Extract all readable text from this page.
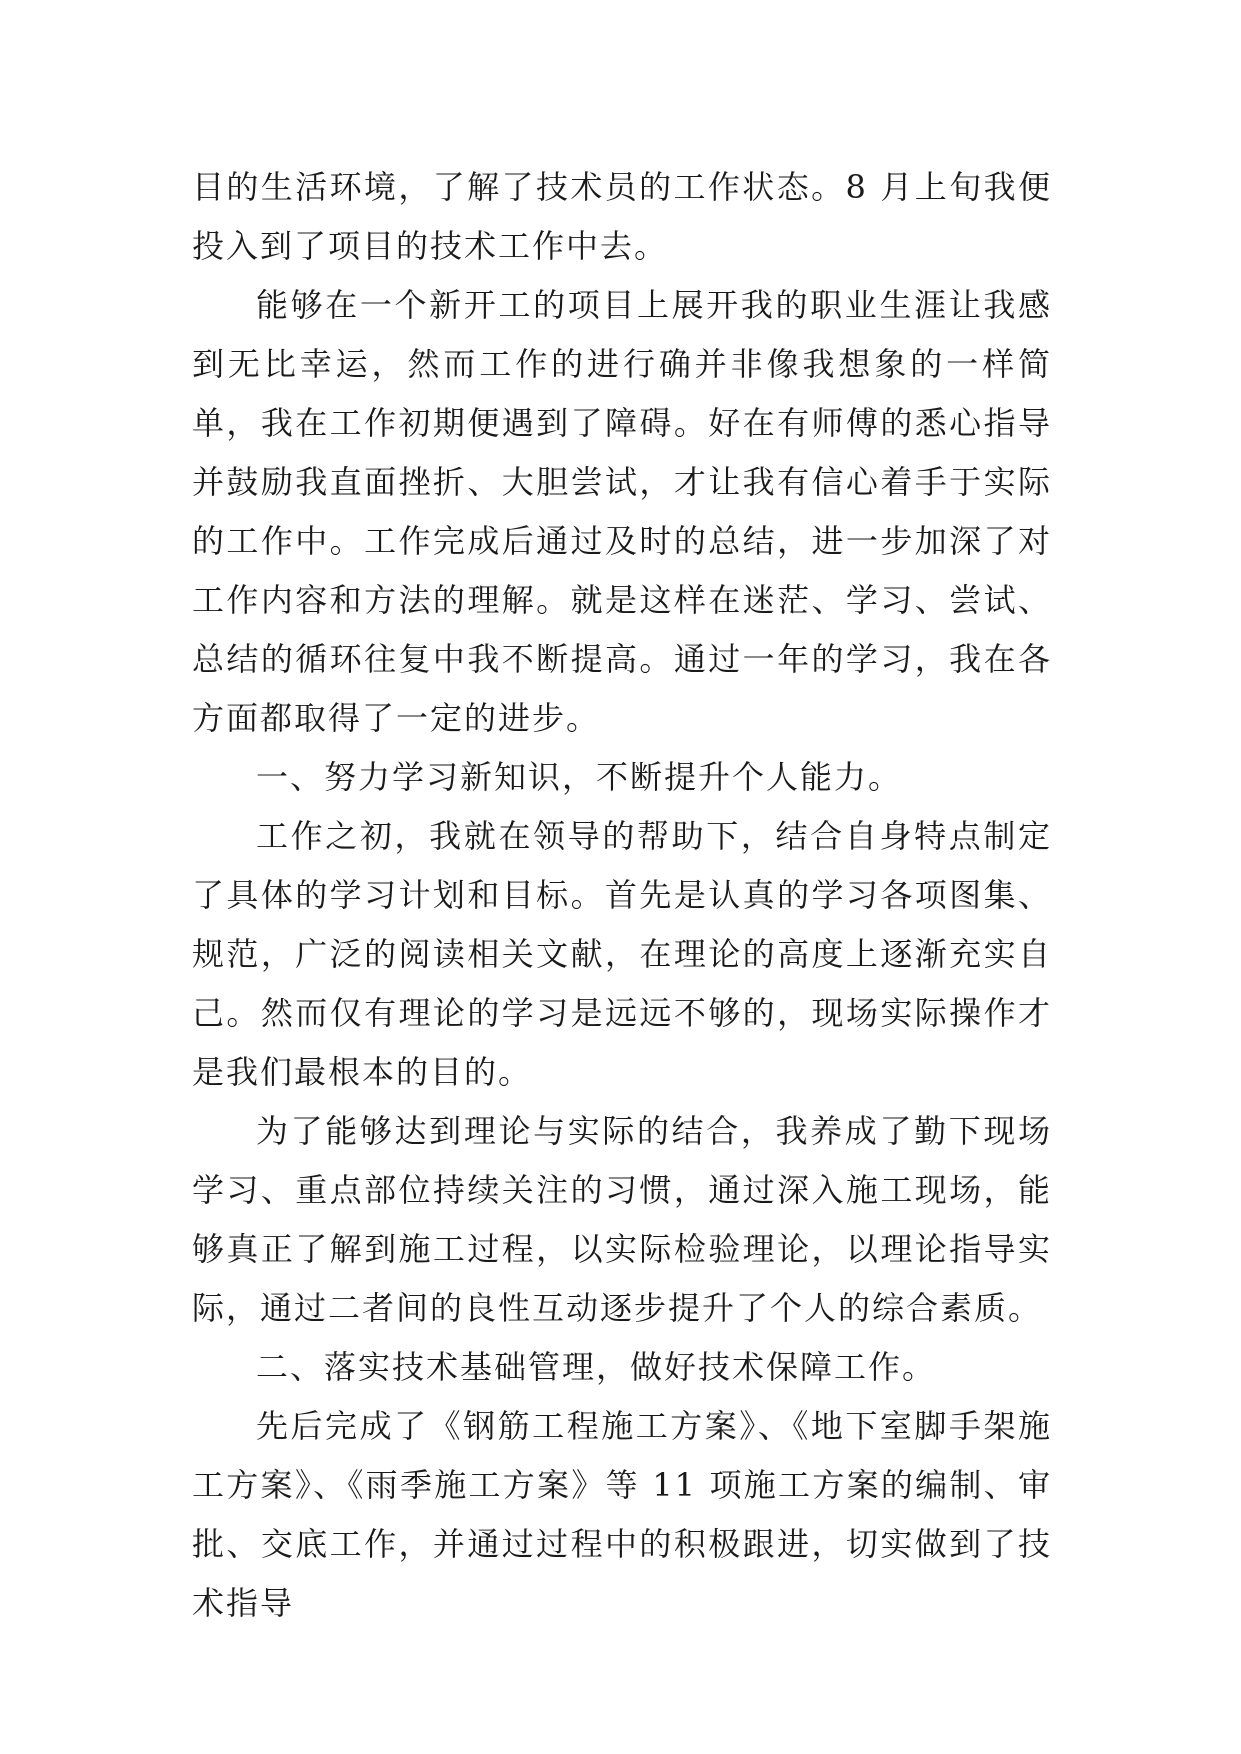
目的生活环境，了解了技术员的工作状态。8 月上旬我便投入到了项目的技术工作中去。

能够在一个新开工的项目上展开我的职业生涯让我感到无比幸运，然而工作的进行确并非像我想象的一样简单，我在工作初期便遇到了障碍。好在有师傅的悉心指导并鼓励我直面挫折、大胆尝试，才让我有信心着手于实际的工作中。工作完成后通过及时的总结，进一步加深了对工作内容和方法的理解。就是这样在迷茫、学习、尝试、总结的循环往复中我不断提高。通过一年的学习，我在各方面都取得了一定的进步。

一、努力学习新知识，不断提升个人能力。

工作之初，我就在领导的帮助下，结合自身特点制定了具体的学习计划和目标。首先是认真的学习各项图集、规范，广泛的阅读相关文献，在理论的高度上逐渐充实自己。然而仅有理论的学习是远远不够的，现场实际操作才是我们最根本的目的。

为了能够达到理论与实际的结合，我养成了勤下现场学习、重点部位持续关注的习惯，通过深入施工现场，能够真正了解到施工过程，以实际检验理论，以理论指导实际，通过二者间的良性互动逐步提升了个人的综合素质。

二、落实技术基础管理，做好技术保障工作。

先后完成了《钢筋工程施工方案》、《地下室脚手架施工方案》、《雨季施工方案》等 11 项施工方案的编制、审批、交底工作，并通过过程中的积极跟进，切实做到了技术指导
